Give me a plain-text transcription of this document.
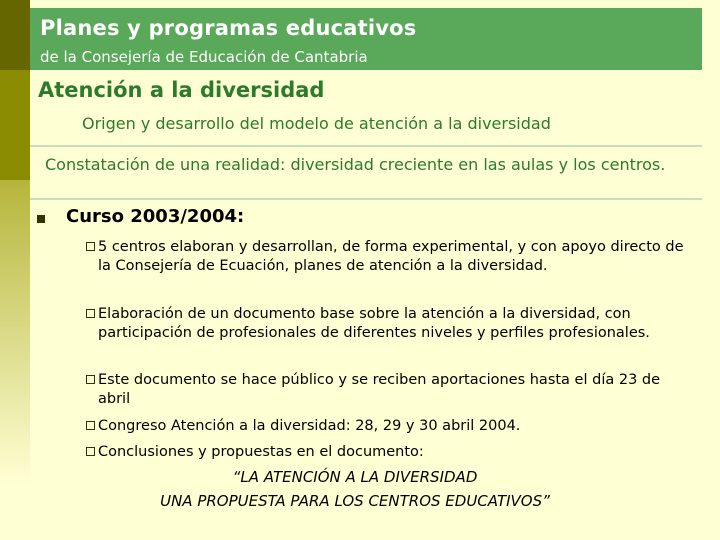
Planes y programas educativos
de la Consejería de Educación de Cantabria
Atención a la diversidad
Origen y desarrollo del modelo de atención a la diversidad
Constatación de una realidad: diversidad creciente en las aulas y los centros.
Curso 2003/2004:
5 centros elaboran y desarrollan, de forma experimental, y con apoyo directo de la Consejería de Ecuación, planes de atención a la diversidad.
Elaboración de un documento base sobre la atención a la diversidad, con participación de profesionales de diferentes niveles y perfiles profesionales.
Este documento se hace público y se reciben aportaciones hasta el día 23 de abril
Congreso Atención a la diversidad: 28, 29 y 30 abril 2004.
Conclusiones y propuestas en el documento:
“LA ATENCIÓN A LA DIVERSIDAD
UNA PROPUESTA PARA LOS CENTROS EDUCATIVOS”
